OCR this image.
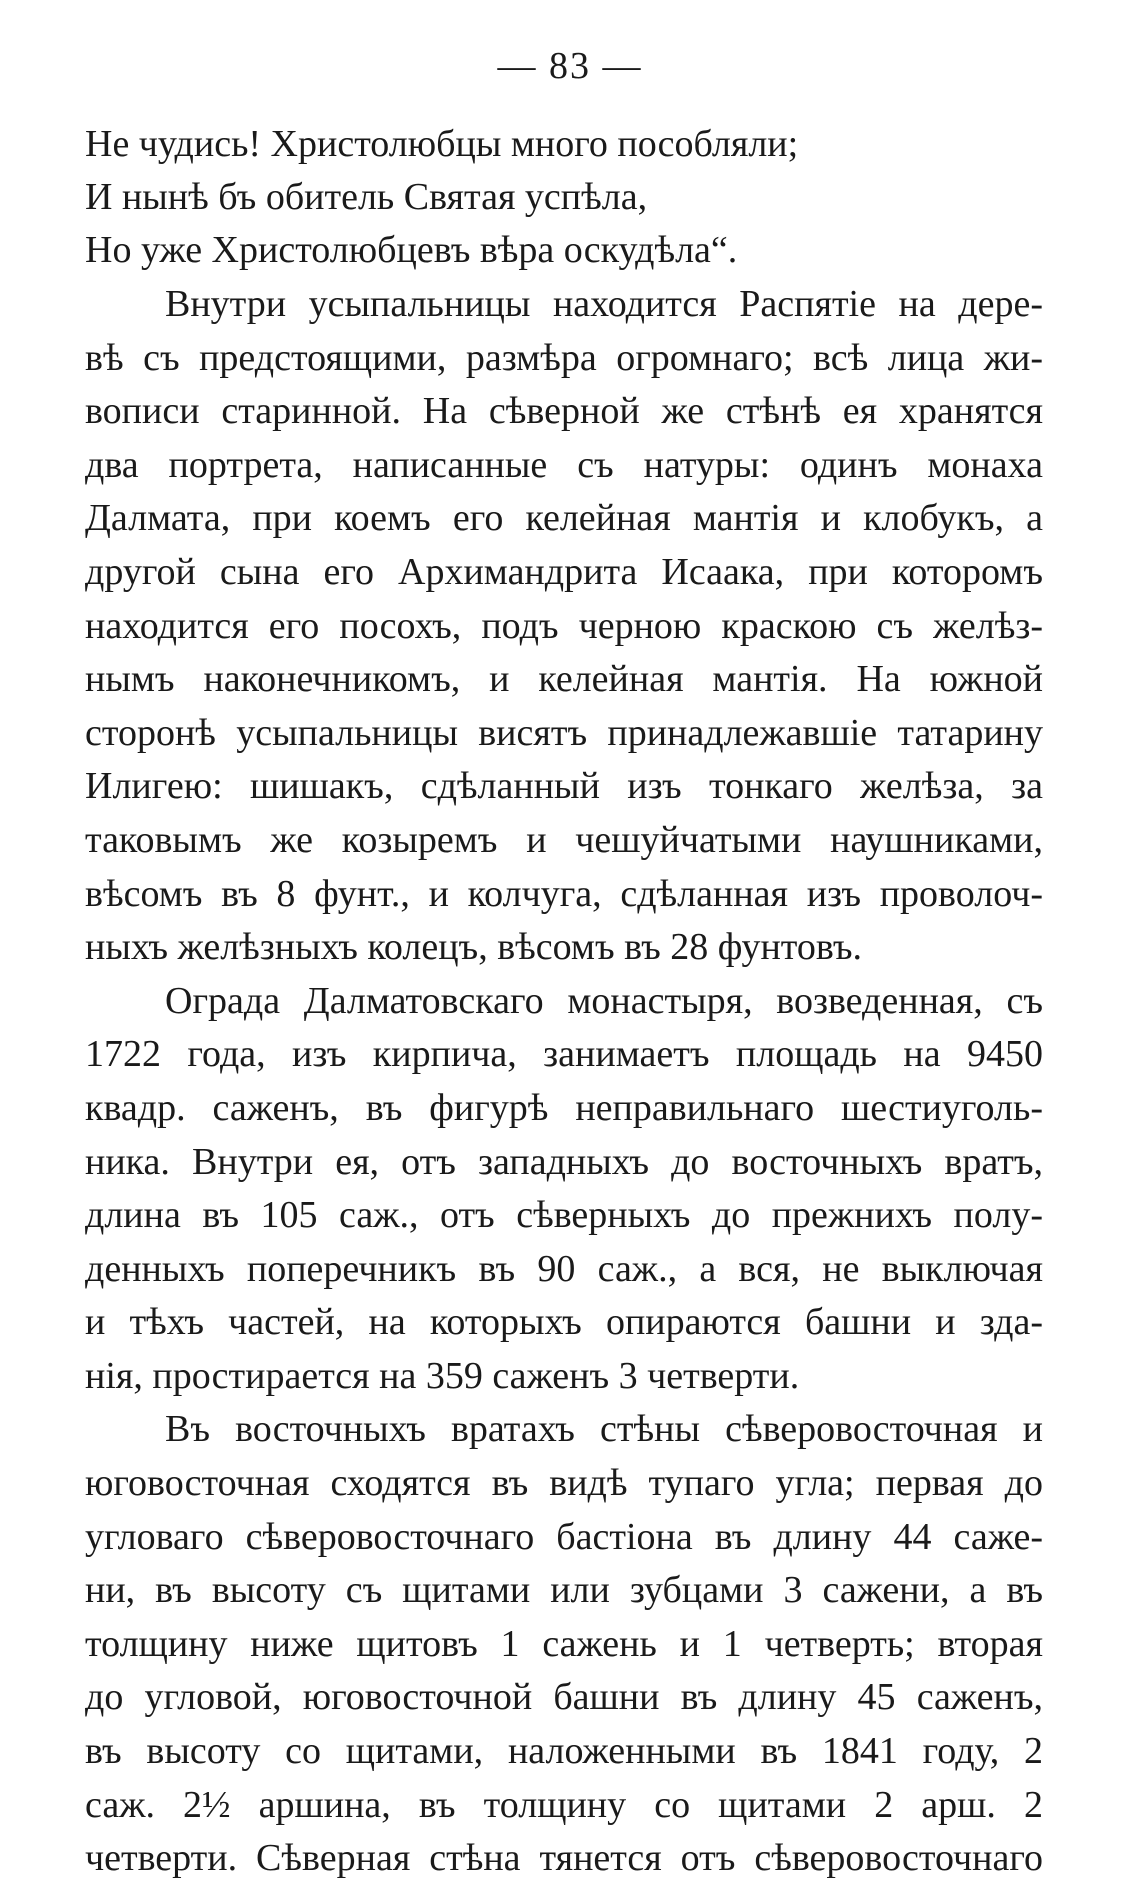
— 83 —
Не чудись! Христолюбцы много пособляли;
И нынѣ бъ обитель Святая успѣла,
Но уже Христолюбцевъ вѣра оскудѣла“.
Внутри усыпальницы находится Распятіе на дере-
вѣ съ предстоящими, размѣра огромнаго; всѣ лица жи-
вописи старинной. На сѣверной же стѣнѣ ея хранятся
два портрета, написанные съ натуры: одинъ монаха
Далмата, при коемъ его келейная мантія и клобукъ, а
другой сына его Архимандрита Исаака, при которомъ
находится его посохъ, подъ черною краскою съ желѣз-
нымъ наконечникомъ, и келейная мантія. На южной
сторонѣ усыпальницы висятъ принадлежавшіе татарину
Илигею: шишакъ, сдѣланный изъ тонкаго желѣза, за
таковымъ же козыремъ и чешуйчатыми наушниками,
вѣсомъ въ 8 фунт., и колчуга, сдѣланная изъ проволоч-
ныхъ желѣзныхъ колецъ, вѣсомъ въ 28 фунтовъ.
Ограда Далматовскаго монастыря, возведенная, съ
1722 года, изъ кирпича, занимаетъ площадь на 9450
квадр. саженъ, въ фигурѣ неправильнаго шестиуголь-
ника. Внутри ея, отъ западныхъ до восточныхъ вратъ,
длина въ 105 саж., отъ сѣверныхъ до прежнихъ полу-
денныхъ поперечникъ въ 90 саж., а вся, не выключая
и тѣхъ частей, на которыхъ опираются башни и зда-
нія, простирается на 359 саженъ 3 четверти.
Въ восточныхъ вратахъ стѣны сѣверовосточная и
юговосточная сходятся въ видѣ тупаго угла; первая до
угловаго сѣверовосточнаго бастіона въ длину 44 саже-
ни, въ высоту съ щитами или зубцами 3 сажени, а въ
толщину ниже щитовъ 1 сажень и 1 четверть; вторая
до угловой, юговосточной башни въ длину 45 саженъ,
въ высоту со щитами, наложенными въ 1841 году, 2
саж. 2½ аршина, въ толщину со щитами 2 арш. 2
четверти. Сѣверная стѣна тянется отъ сѣверовосточнаго
